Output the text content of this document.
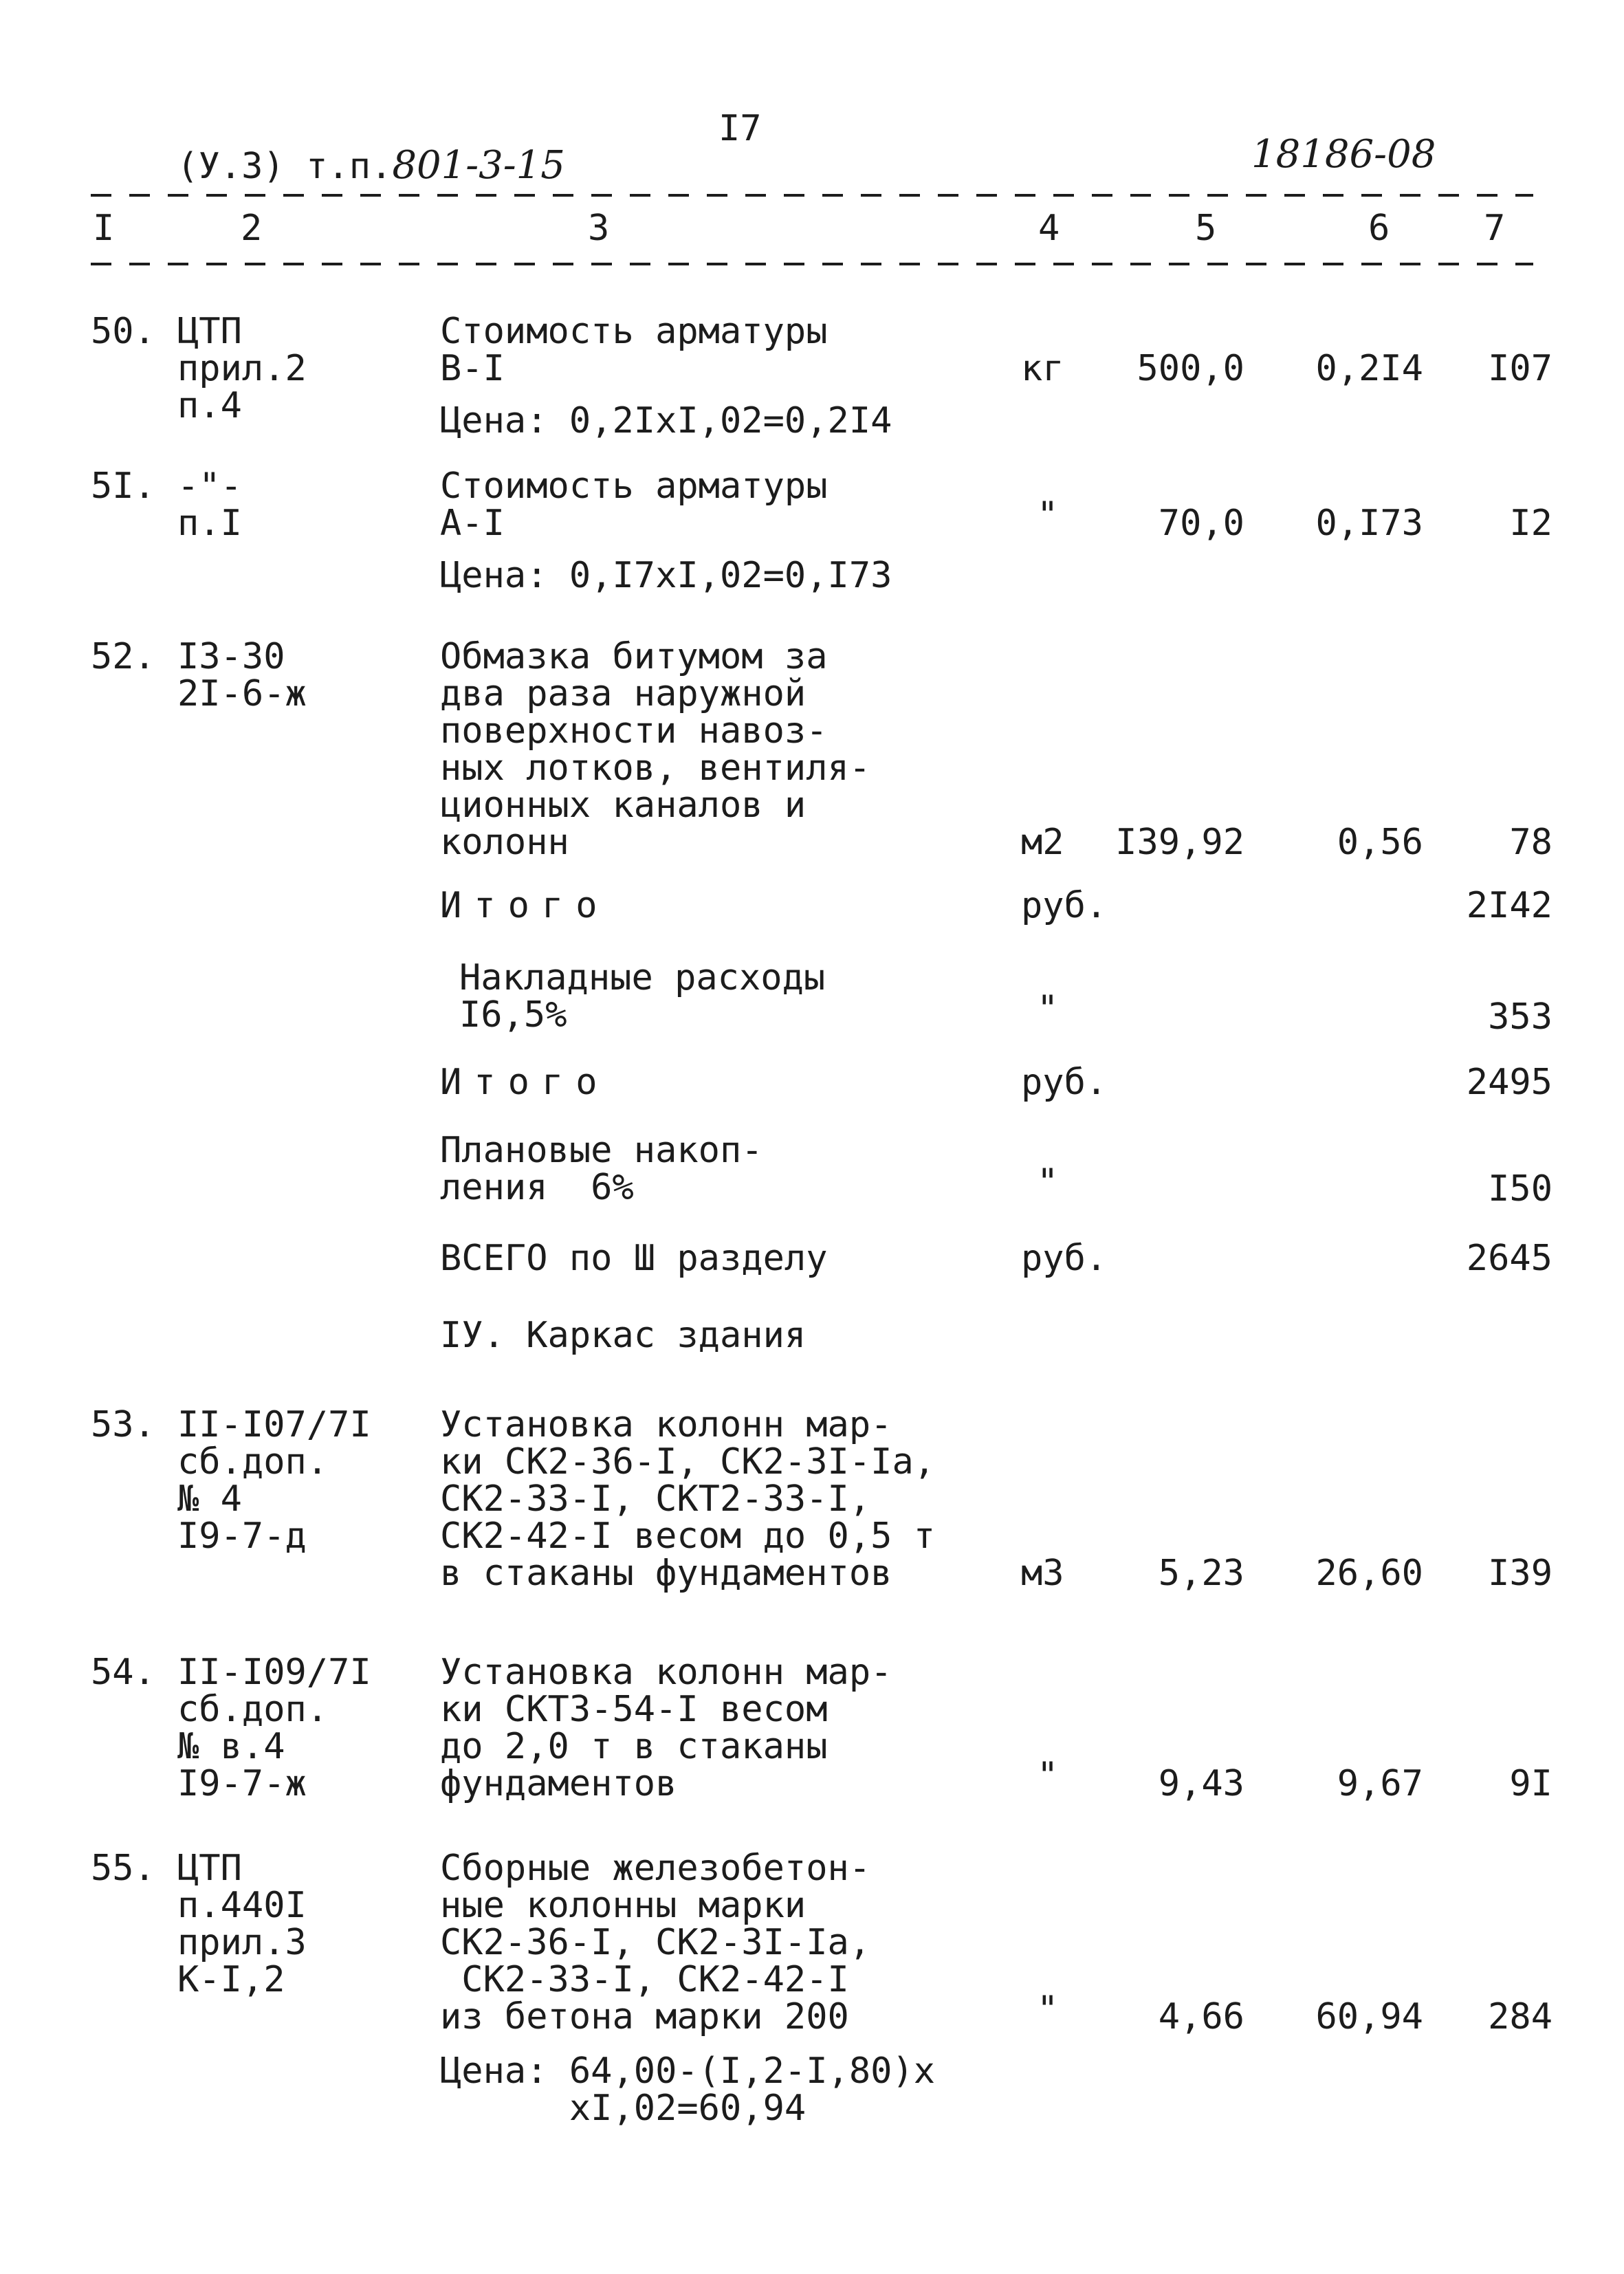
(У.3) т.п.801-3-15

I7
18186-08
I	2	3	4	5	6	7
50. ЦТП
прил.2
п.4
Стоимость арматуры
В-I
Цена: 0,2IxI,02=0,2I4
кг	500,0	0,2I4	I07
5I. -"-
п.I
Стоимость арматуры
А-I
Цена: 0,I7xI,02=0,I73
"	70,0	0,I73	I2
52. I3-30
2I-6-ж
Обмазка битумом за
два раза наружной
поверхности навоз-
ных лотков, вентиля-
ционных каналов и
колонн	м2	I39,92	0,56	78
Итого	руб.	2I42
Накладные расходы
I6,5%	"	353
Итого	руб.	2495
Плановые накоп-
ления  6%	"	I50
ВСЕГО по Ш разделу	руб.	2645
IУ. Каркас здания
53. II-I07/7I
сб.доп.
№ 4
I9-7-д
Установка колонн мар-
ки СК2-36-I, СК2-3I-Iа,
СК2-33-I, СКТ2-33-I,
СК2-42-I весом до 0,5 т
в стаканы фундаментов	м3	5,23	26,60	I39
54. II-I09/7I
сб.доп.
№ в.4
I9-7-ж
Установка колонн мар-
ки СКТ3-54-I весом
до 2,0 т в стаканы
фундаментов	"	9,43	9,67	9I
55. ЦТП
п.440I
прил.3
К-I,2
Сборные железобетон-
ные колонны марки
СК2-36-I, СК2-3I-Iа,
СК2-33-I, СК2-42-I
из бетона марки 200
Цена: 64,00-(I,2-I,80)x
xI,02=60,94
"	4,66	60,94	284
